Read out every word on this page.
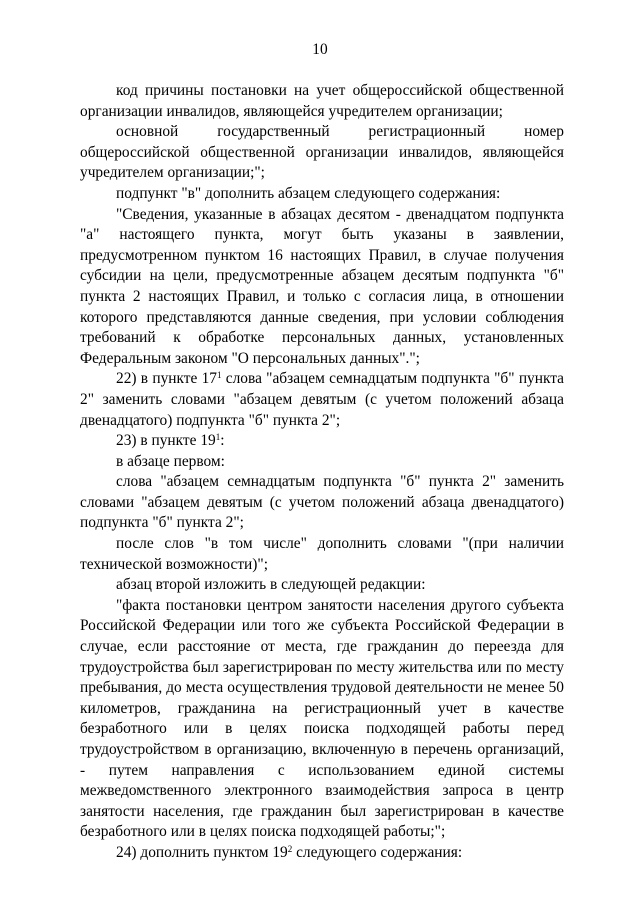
10

код причины постановки на учет общероссийской общественной организации инвалидов, являющейся учредителем организации;

основной государственный регистрационный номер общероссийской общественной организации инвалидов, являющейся учредителем организации;";

подпункт "в" дополнить абзацем следующего содержания:

"Сведения, указанные в абзацах десятом - двенадцатом подпункта "а" настоящего пункта, могут быть указаны в заявлении, предусмотренном пунктом 16 настоящих Правил, в случае получения субсидии на цели, предусмотренные абзацем десятым подпункта "б" пункта 2 настоящих Правил, и только с согласия лица, в отношении которого представляются данные сведения, при условии соблюдения требований к обработке персональных данных, установленных Федеральным законом "О персональных данных".";

22) в пункте $17^1$ слова "абзацем семнадцатым подпункта "б" пункта 2" заменить словами "абзацем девятым (с учетом положений абзаца двенадцатого) подпункта "б" пункта 2";

23) в пункте $19^1$:

в абзаце первом:

слова "абзацем семнадцатым подпункта "б" пункта 2" заменить словами "абзацем девятым (с учетом положений абзаца двенадцатого) подпункта "б" пункта 2";

после слов "в том числе" дополнить словами "(при наличии технической возможности)";

абзац второй изложить в следующей редакции:

"факта постановки центром занятости населения другого субъекта Российской Федерации или того же субъекта Российской Федерации в случае, если расстояние от места, где гражданин до переезда для трудоустройства был зарегистрирован по месту жительства или по месту пребывания, до места осуществления трудовой деятельности не менее 50 километров, гражданина на регистрационный учет в качестве безработного или в целях поиска подходящей работы перед трудоустройством в организацию, включенную в перечень организаций, - путем направления с использованием единой системы межведомственного электронного взаимодействия запроса в центр занятости населения, где гражданин был зарегистрирован в качестве безработного или в целях поиска подходящей работы;";

24) дополнить пунктом $19^2$ следующего содержания:
